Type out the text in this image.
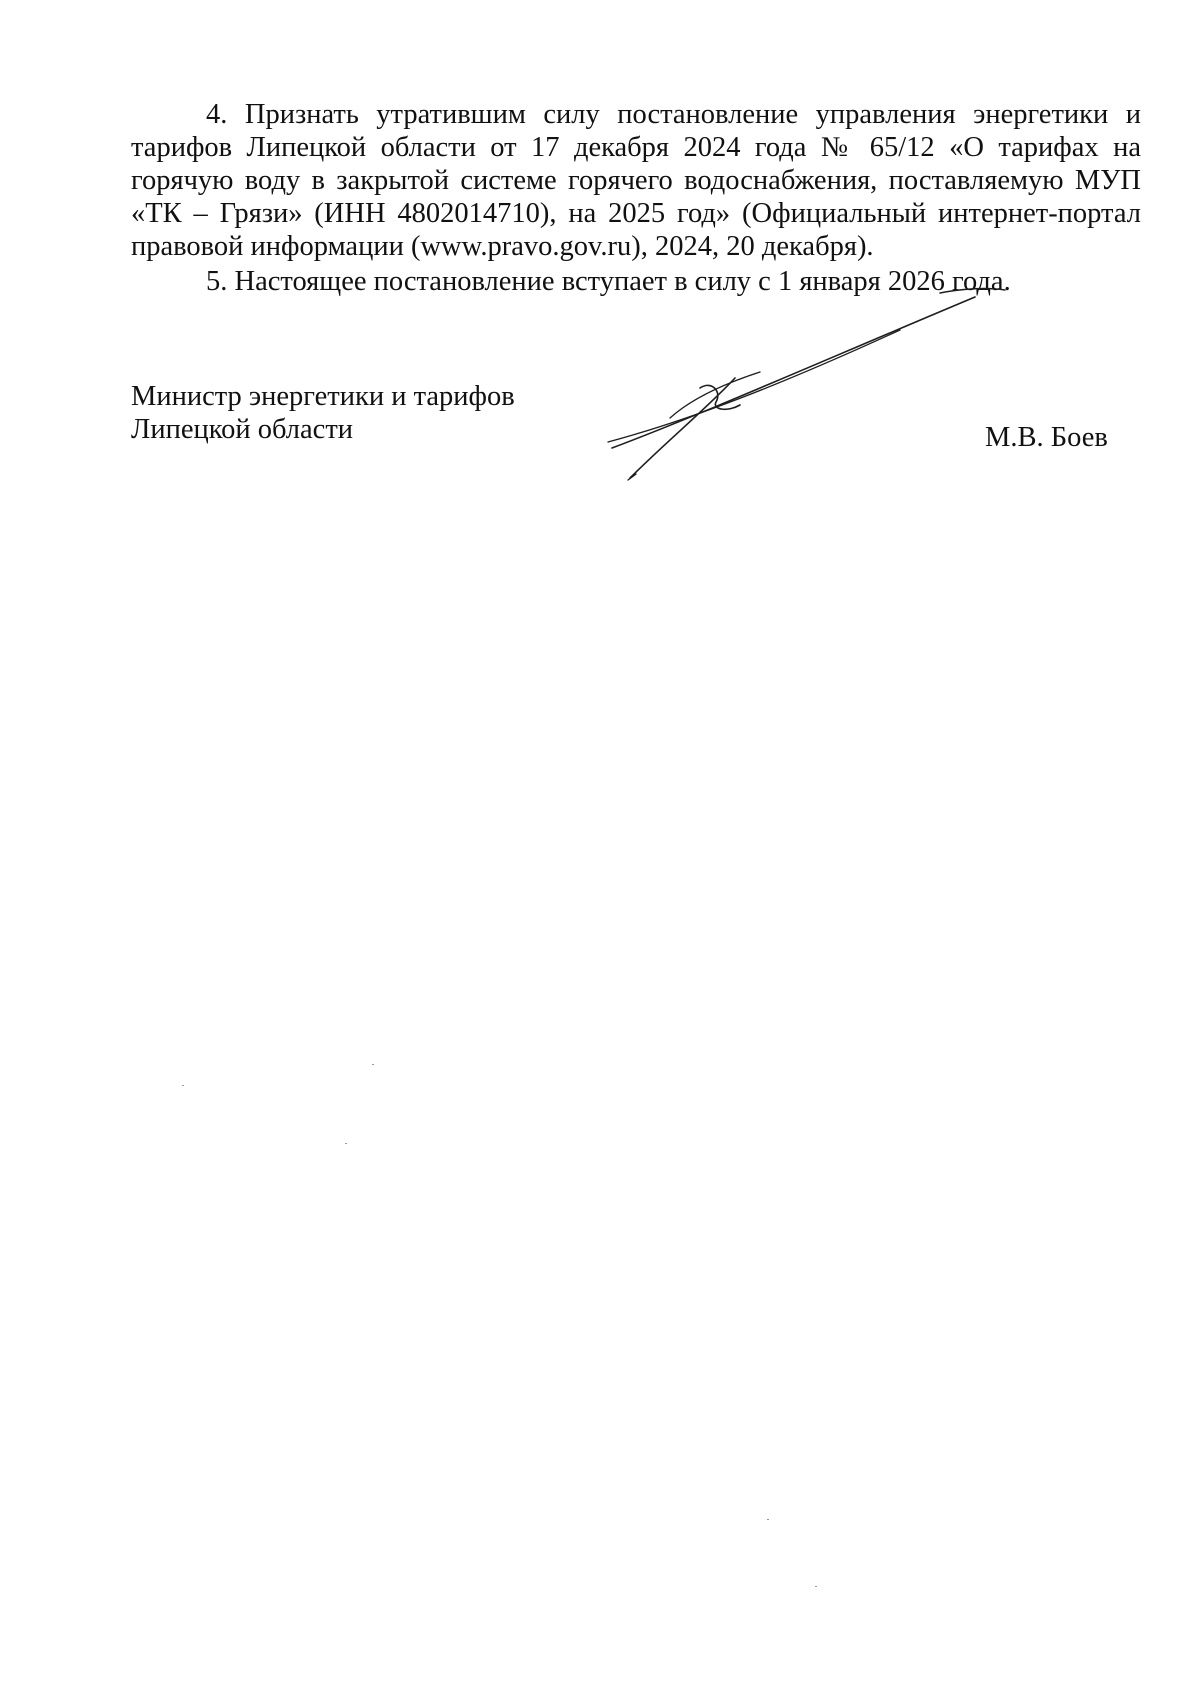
4. Признать утратившим силу постановление управления энергетики и тарифов Липецкой области от 17 декабря 2024 года № 65/12 «О тарифах на горячую воду в закрытой системе горячего водоснабжения, поставляемую МУП «ТК – Грязи» (ИНН 4802014710), на 2025 год» (Официальный интернет-портал правовой информации (www.pravo.gov.ru), 2024, 20 декабря).

5. Настоящее постановление вступает в силу с 1 января 2026 года.

Министр энергетики и тарифов
Липецкой области	М.В. Боев
